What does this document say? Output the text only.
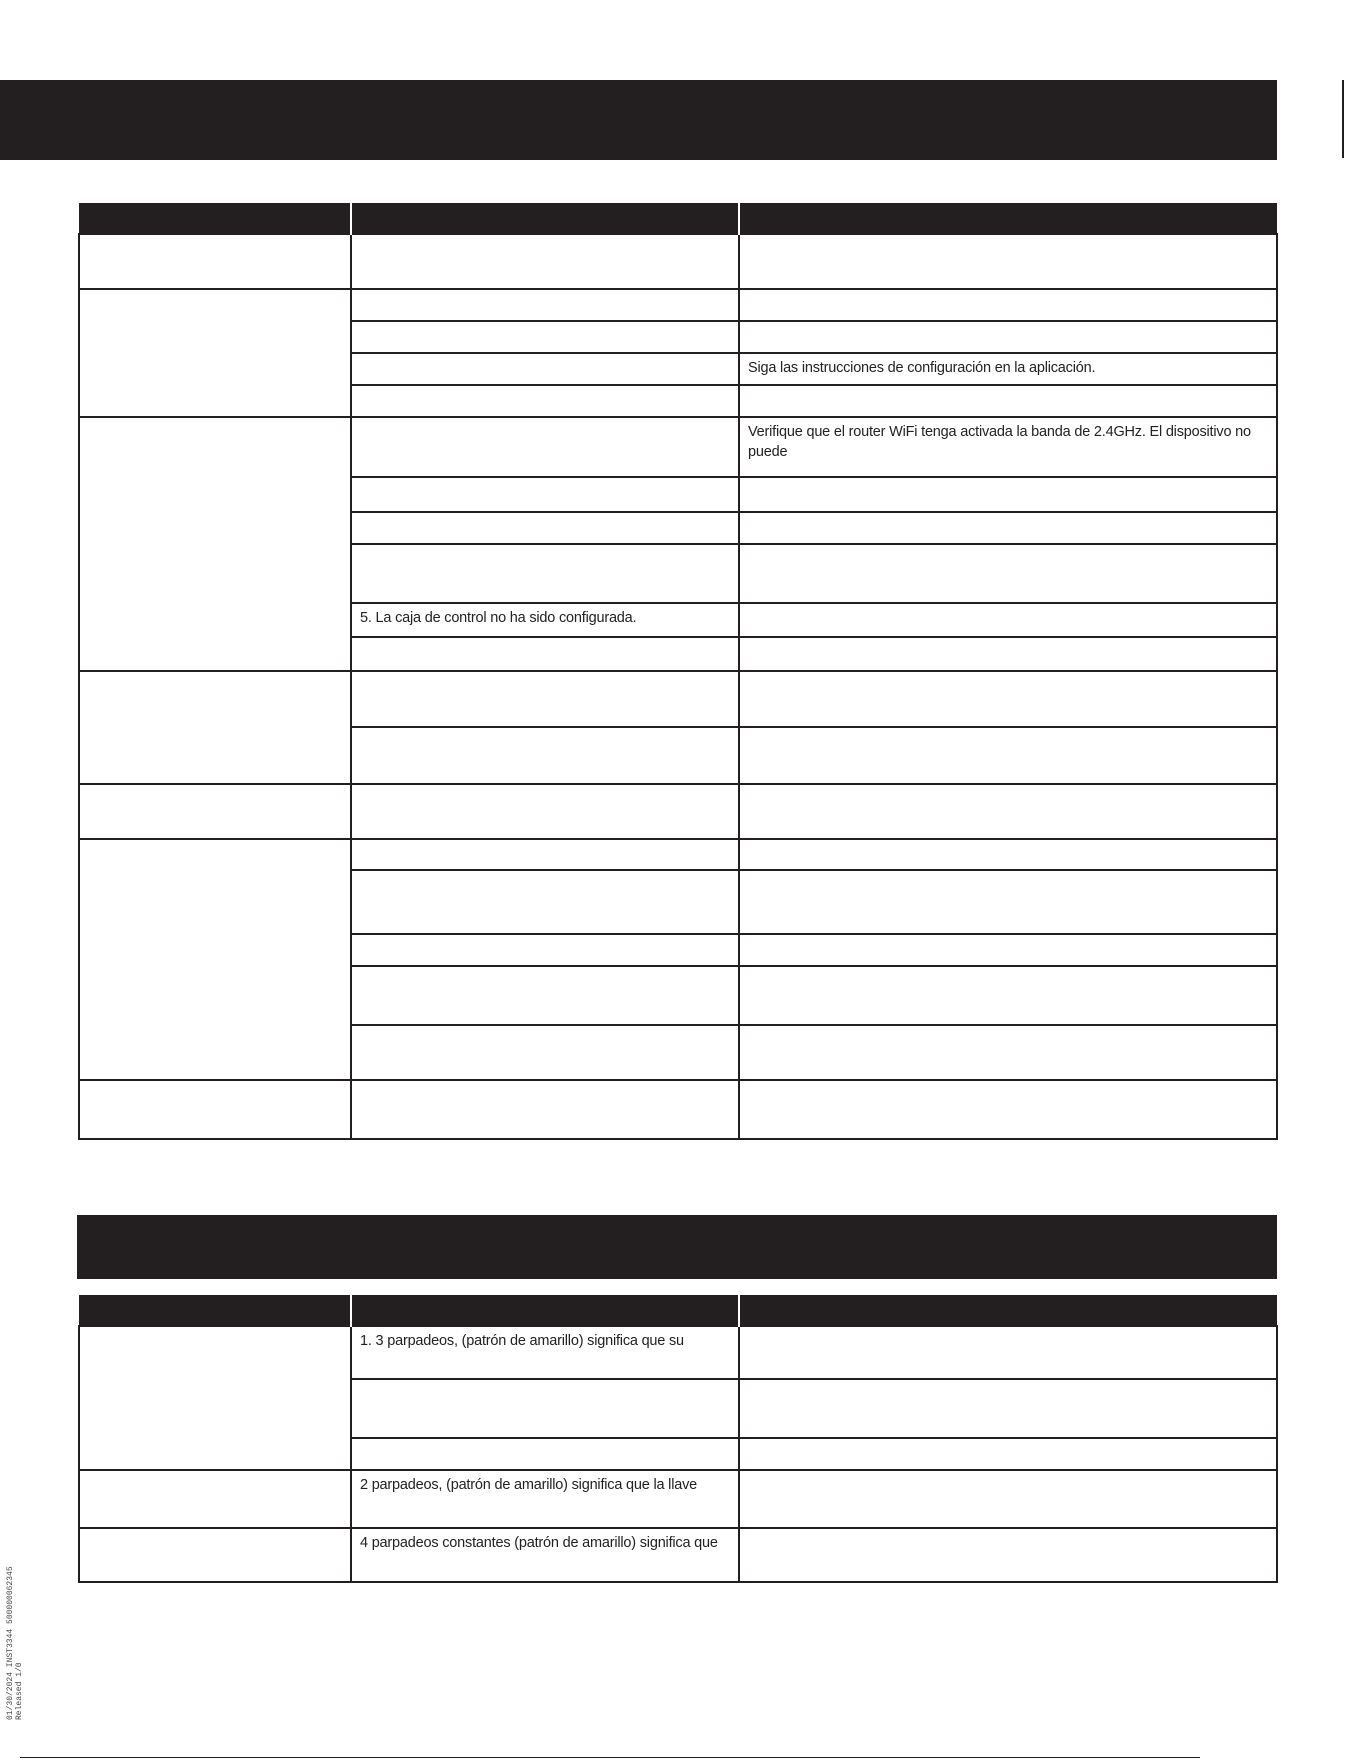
		Siga las instrucciones de configuración en la aplicación.

		Verifique que el router WiFi tenga activada la banda de 2.4GHz. El dispositivo no puede

	5. La caja de control no ha sido configurada.	

	1. 3 parpadeos, (patrón de amarillo) significa que su	

	2 parpadeos, (patrón de amarillo) significa que la llave	
	4 parpadeos constantes (patrón de amarillo) significa que	
01/30/2024 INST3344 500000062345 Released 1/0
